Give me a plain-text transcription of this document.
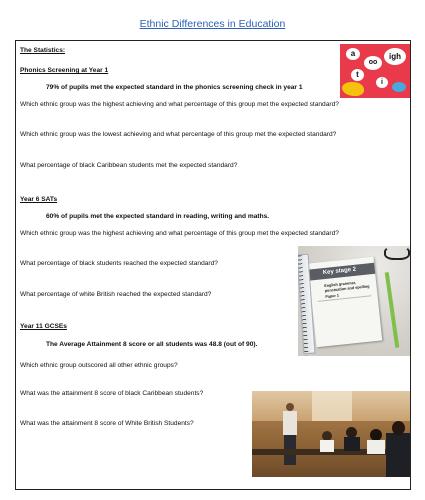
Ethnic Differences in Education
The Statistics:
Phonics Screening at Year 1
79% of pupils met the expected standard in the phonics screening check in year 1
Which ethnic group was the highest achieving and what percentage of this group met the expected standard?
Which ethnic group was the lowest achieving and what percentage of this group met the expected standard?
What percentage of black Caribbean students met the expected standard?
a
oo
igh
t
i
Year 6 SATs
60% of pupils met the expected standard in reading, writing and maths.
Which ethnic group was the highest achieving and what percentage of this group met the expected standard?
What percentage of black students reached the expected standard?
What percentage of white British reached the expected standard?
Key stage 2
English grammar, punctuation and spelling
Paper 1
Year 11 GCSEs
The Average Attainment 8 score or all students was 48.8 (out of 90).
Which ethnic group outscored all other ethnic groups?
What was the attainment 8 score of black Caribbean students?
What was the attainment 8 score of White British Students?
